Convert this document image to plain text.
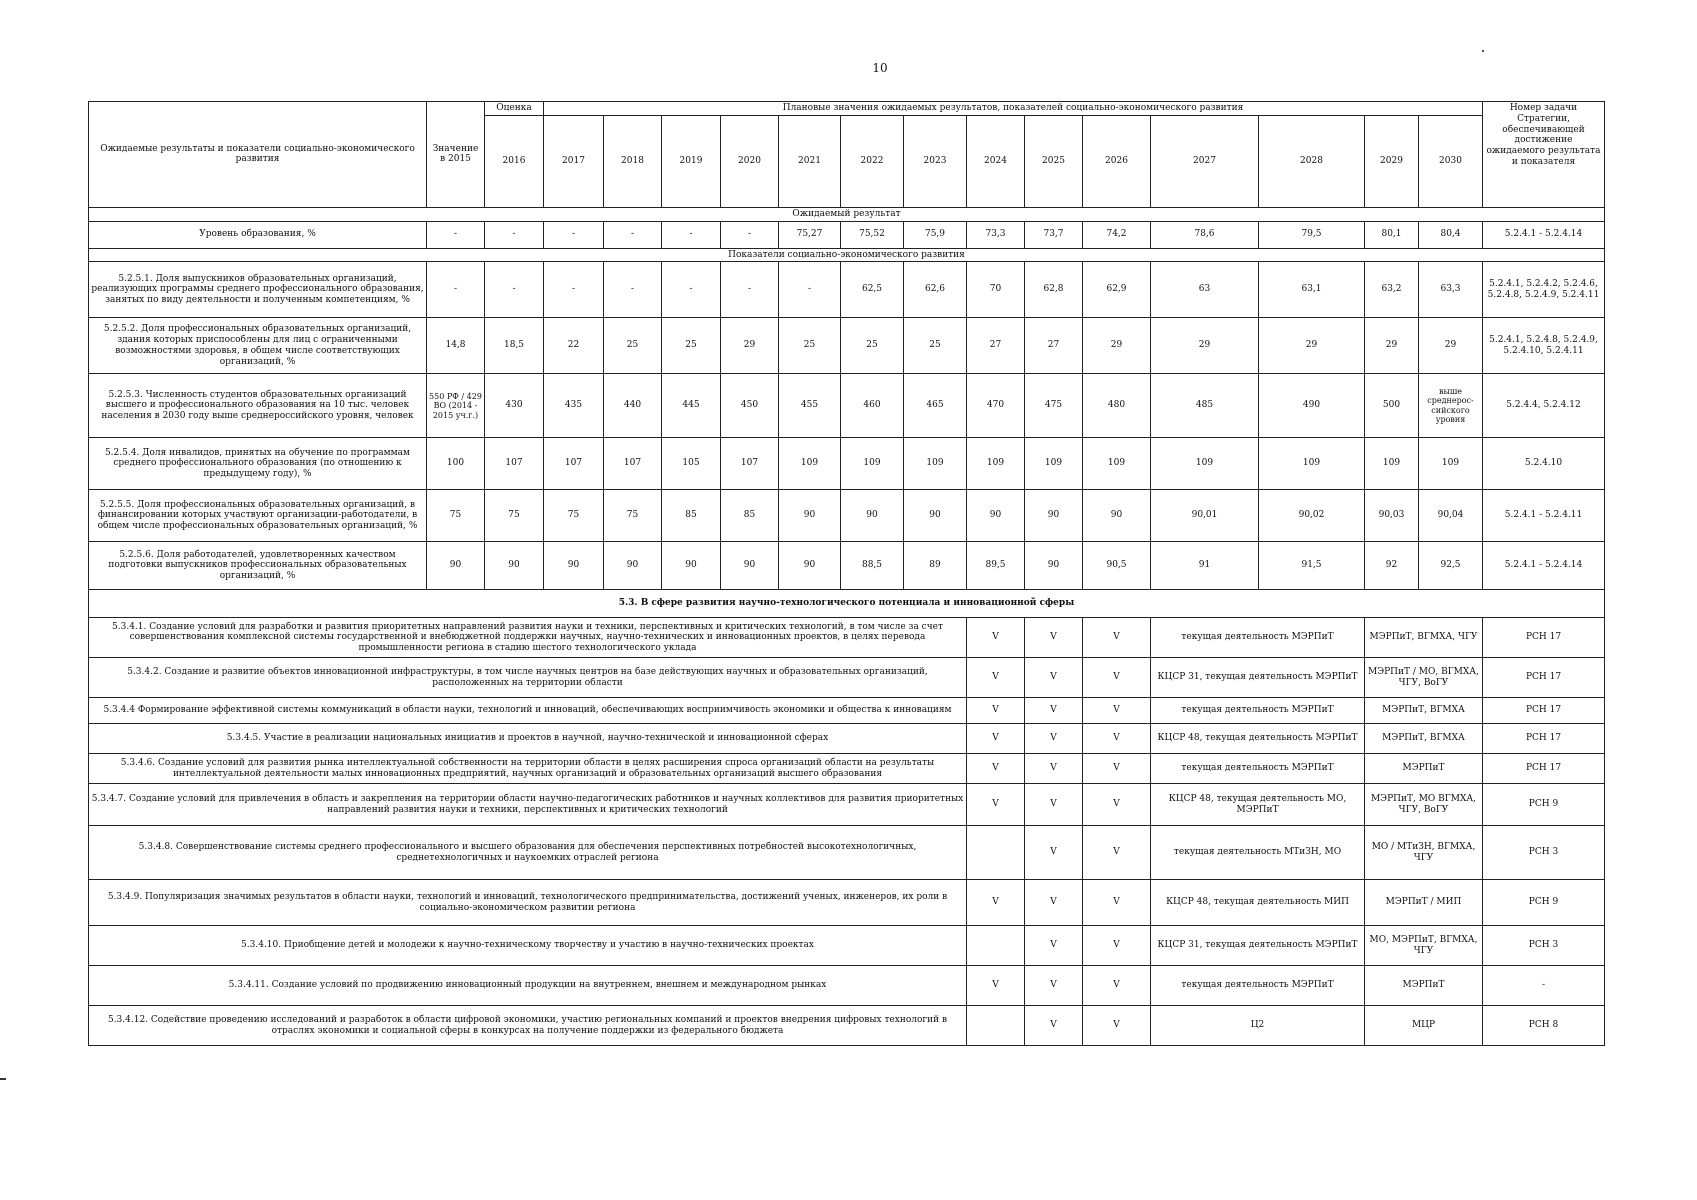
10
Ожидаемые результаты и показатели социально-экономического развития	Значение в 2015	Оценка	Плановые значения ожидаемых результатов, показателей социально-экономического развития														Номер задачи Стратегии, обеспечивающей достижение ожидаемого результата и показателя
		2016	2017	2018	2019	2020	2021	2022	2023	2024	2025	2026	2027	2028	2029	2030	
Ожидаемый результат																	
Уровень образования, %	-	-	-	-	-	-	75,27	75,52	75,9	73,3	73,7	74,2	78,6	79,5	80,1	80,4	5.2.4.1 - 5.2.4.14
Показатели социально-экономического развития																	
5.2.5.1. Доля выпускников образовательных организаций, реализующих программы среднего профессионального образования, занятых по виду деятельности и полученным компетенциям, %	-	-	-	-	-	-	-	62,5	62,6	70	62,8	62,9	63	63,1	63,2	63,3	5.2.4.1, 5.2.4.2, 5.2.4.6, 5.2.4.8, 5.2.4.9, 5.2.4.11
5.2.5.2. Доля профессиональных образовательных организаций, здания которых приспособлены для лиц с ограниченными возможностями здоровья, в общем числе соответствующих организаций, %	14,8	18,5	22	25	25	29	25	25	25	27	27	29	29	29	29	29	5.2.4.1, 5.2.4.8, 5.2.4.9, 5.2.4.10, 5.2.4.11
5.2.5.3. Численность студентов образовательных организаций высшего и профессионального образования на 10 тыс. человек населения в 2030 году выше среднероссийского уровня, человек	550 РФ / 429 ВО (2014 - 2015 уч.г.)	430	435	440	445	450	455	460	465	470	475	480	485	490	500	выше среднерос-сийского уровня	5.2.4.4, 5.2.4.12
5.2.5.4. Доля инвалидов, принятых на обучение по программам среднего профессионального образования (по отношению к предыдущему году), %	100	107	107	107	105	107	109	109	109	109	109	109	109	109	109	109	5.2.4.10
5.2.5.5. Доля профессиональных образовательных организаций, в финансировании которых участвуют организации-работодатели, в общем числе профессиональных образовательных организаций, %	75	75	75	75	85	85	90	90	90	90	90	90	90,01	90,02	90,03	90,04	5.2.4.1 - 5.2.4.11
5.2.5.6. Доля работодателей, удовлетворенных качеством подготовки выпускников профессиональных образовательных организаций, %	90	90	90	90	90	90	90	88,5	89	89,5	90	90,5	91	91,5	92	92,5	5.2.4.1 - 5.2.4.14
5.3. В сфере развития научно-технологического потенциала и инновационной сферы																	
5.3.4.1. Создание условий для разработки и развития приоритетных направлений развития науки и техники, перспективных и критических технологий, в том числе за счет совершенствования комплексной системы государственной и внебюджетной поддержки научных, научно-технических и инновационных проектов, в целях перевода промышленности региона в стадию шестого технологического уклада										V	V	V	текущая деятельность МЭРПиТ		МЭРПиТ, ВГМХА, ЧГУ		РСН 17
5.3.4.2. Создание и развитие объектов инновационной инфраструктуры, в том числе научных центров на базе действующих научных и образовательных организаций, расположенных на территории области										V	V	V	КЦСР 31, текущая деятельность МЭРПиТ		МЭРПиТ / МО, ВГМХА, ЧГУ, ВоГУ		РСН 17
5.3.4.4 Формирование эффективной системы коммуникаций в области науки, технологий и инноваций, обеспечивающих восприимчивость экономики и общества к инновациям										V	V	V	текущая деятельность МЭРПиТ		МЭРПиТ, ВГМХА		РСН 17
5.3.4.5. Участие в реализации национальных инициатив и проектов в научной, научно-технической и инновационной сферах										V	V	V	КЦСР 48, текущая деятельность МЭРПиТ		МЭРПиТ, ВГМХА		РСН 17
5.3.4.6. Создание условий для развития рынка интеллектуальной собственности на территории области в целях расширения спроса организаций области на результаты интеллектуальной деятельности малых инновационных предприятий, научных организаций и образовательных организаций высшего образования										V	V	V	текущая деятельность МЭРПиТ		МЭРПиТ		РСН 17
5.3.4.7. Создание условий для привлечения в область и закрепления на территории области научно-педагогических работников и научных коллективов для развития приоритетных направлений развития науки и техники, перспективных и критических технологий										V	V	V	КЦСР 48, текущая деятельность МО, МЭРПиТ		МЭРПиТ, МО ВГМХА, ЧГУ, ВоГУ		РСН 9
5.3.4.8. Совершенствование системы среднего профессионального и высшего образования для обеспечения перспективных потребностей высокотехнологичных, среднетехнологичных и наукоемких отраслей региона											V	V	текущая деятельность МТиЗН, МО		МО / МТиЗН, ВГМХА, ЧГУ		РСН 3
5.3.4.9. Популяризация значимых результатов в области науки, технологий и инноваций, технологического предпринимательства, достижений ученых, инженеров, их роли в социально-экономическом развитии региона										V	V	V	КЦСР 48, текущая деятельность МИП		МЭРПиТ / МИП		РСН 9
5.3.4.10. Приобщение детей и молодежи к научно-техническому творчеству и участию в научно-технических проектах											V	V	КЦСР 31, текущая деятельность МЭРПиТ		МО, МЭРПиТ, ВГМХА, ЧГУ		РСН 3
5.3.4.11. Создание условий по продвижению инновационный продукции на внутреннем, внешнем и международном рынках										V	V	V	текущая деятельность МЭРПиТ		МЭРПиТ		-
5.3.4.12. Содействие проведению исследований и разработок в области цифровой экономики, участию региональных компаний и проектов внедрения цифровых технологий в отраслях экономики и социальной сферы в конкурсах на получение поддержки из федерального бюджета											V	V	Ц2		МЦР		РСН 8
